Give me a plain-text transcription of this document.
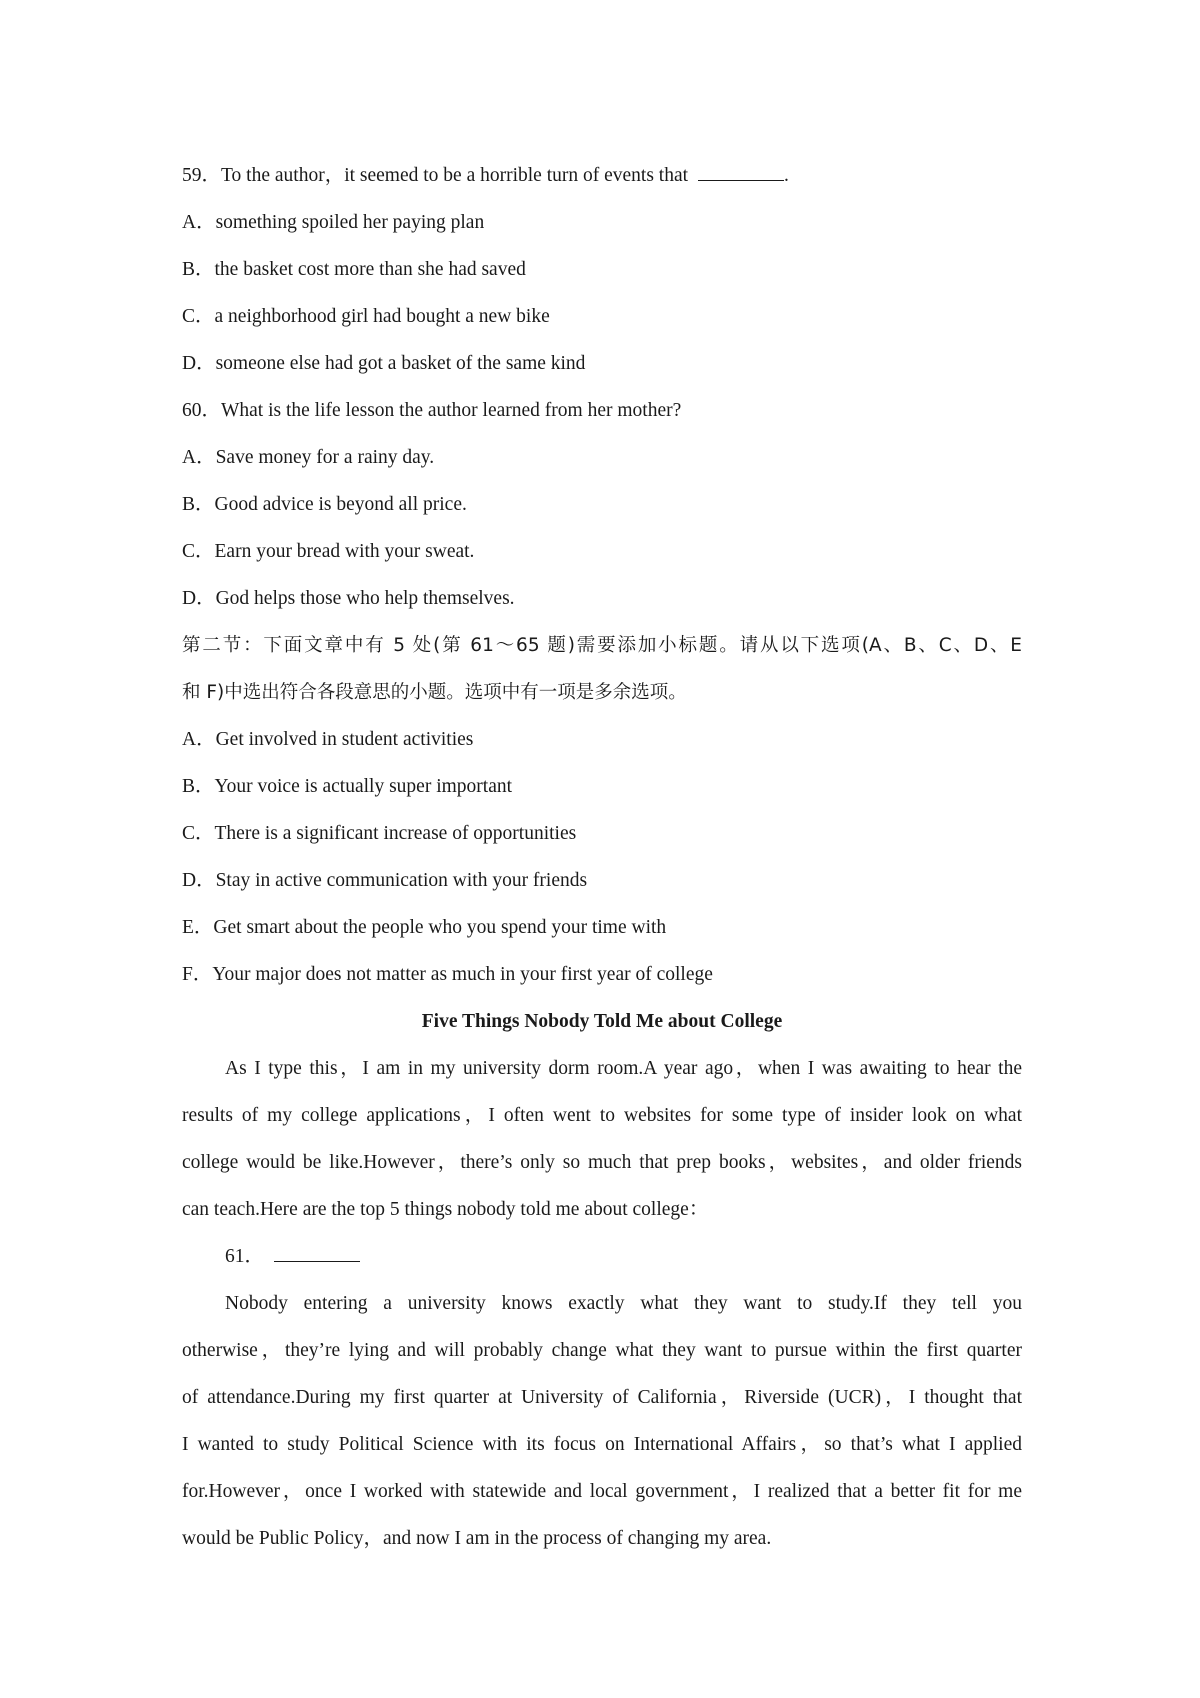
59．To the author，it seemed to be a horrible turn of events that	.
A．something spoiled her paying plan
B．the basket cost more than she had saved
C．a neighborhood girl had bought a new bike
D．someone else had got a basket of the same kind
60．What is the life lesson the author learned from her mother?
A．Save money for a rainy day.
B．Good advice is beyond all price.
C．Earn your bread with your sweat.
D．God helps those who help themselves.
第二节：下面文章中有 5 处(第 61～65 题)需要添加小标题。请从以下选项(A、B、C、D、E
和 F)中选出符合各段意思的小题。选项中有一项是多余选项。
A．Get involved in student activities
B．Your voice is actually super important
C．There is a significant increase of opportunities
D．Stay in active communication with your friends
E．Get smart about the people who you spend your time with
F．Your major does not matter as much in your first year of college
Five Things Nobody Told Me about College
As I type this，I am in my university dorm room.A year ago，when I was awaiting to hear the
results of my college applications，I often went to websites for some type of insider look on what
college would be like.However，there’s only so much that prep books，websites，and older friends
can teach.Here are the top 5 things nobody told me about college：
61．
Nobody entering a university knows exactly what they want to study.If they tell you
otherwise，they’re lying and will probably change what they want to pursue within the first quarter
of attendance.During my first quarter at University of California，Riverside (UCR)，I thought that
I wanted to study Political Science with its focus on International Affairs，so that’s what I applied
for.However，once I worked with statewide and local government，I realized that a better fit for me
would be Public Policy，and now I am in the process of changing my area.
